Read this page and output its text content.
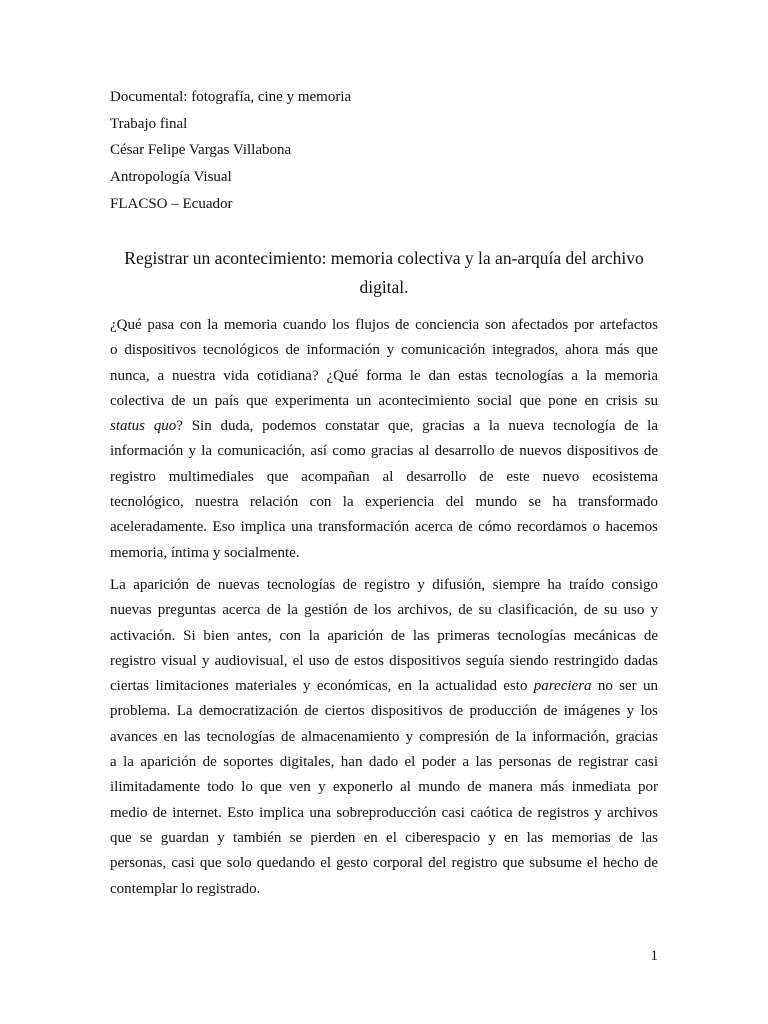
Documental: fotografía, cine y memoria
Trabajo final
César Felipe Vargas Villabona
Antropología Visual
FLACSO – Ecuador
Registrar un acontecimiento: memoria colectiva y la an-arquía del archivo digital.
¿Qué pasa con la memoria cuando los flujos de conciencia son afectados por artefactos
o dispositivos tecnológicos de información y comunicación integrados, ahora más que
nunca, a nuestra vida cotidiana? ¿Qué forma le dan estas tecnologías a la memoria
colectiva de un país que experimenta un acontecimiento social que pone en crisis su
status quo? Sin duda, podemos constatar que, gracias a la nueva tecnología de la
información y la comunicación, así como gracias al desarrollo de nuevos dispositivos de
registro multimediales que acompañan al desarrollo de este nuevo ecosistema
tecnológico, nuestra relación con la experiencia del mundo se ha transformado
aceleradamente. Eso implica una transformación acerca de cómo recordamos o hacemos
memoria, íntima y socialmente.
La aparición de nuevas tecnologías de registro y difusión, siempre ha traído consigo
nuevas preguntas acerca de la gestión de los archivos, de su clasificación, de su uso y
activación. Si bien antes, con la aparición de las primeras tecnologías mecánicas de
registro visual y audiovisual, el uso de estos dispositivos seguía siendo restringido dadas
ciertas limitaciones materiales y económicas, en la actualidad esto pareciera no ser un
problema. La democratización de ciertos dispositivos de producción de imágenes y los
avances en las tecnologías de almacenamiento y compresión de la información, gracias
a la aparición de soportes digitales, han dado el poder a las personas de registrar casi
ilimitadamente todo lo que ven y exponerlo al mundo de manera más inmediata por
medio de internet. Esto implica una sobreproducción casi caótica de registros y archivos
que se guardan y también se pierden en el ciberespacio y en las memorias de las
personas, casi que solo quedando el gesto corporal del registro que subsume el hecho de
contemplar lo registrado.
1
